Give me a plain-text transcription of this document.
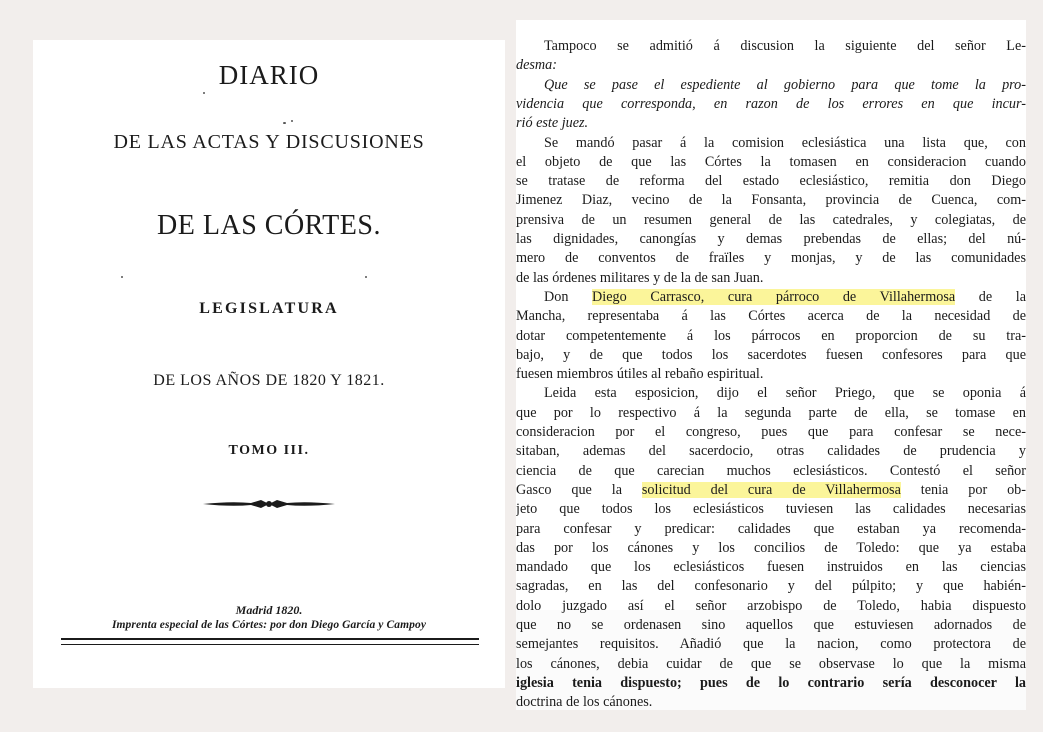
DIARIO
DE LAS ACTAS Y DISCUSIONES
DE LAS CÓRTES.
LEGISLATURA
DE LOS AÑOS DE 1820 Y 1821.
TOMO III.
Madrid 1820.
Imprenta especial de las Córtes: por don Diego García y Campoy
Tampoco se admitió á discusion la siguiente del señor Le-
desma:
Que se pase el espediente al gobierno para que tome la pro-
videncia que corresponda, en razon de los errores en que incur-
rió este juez.
Se mandó pasar á la comision eclesiástica una lista que, con
el objeto de que las Córtes la tomasen en consideracion cuando
se tratase de reforma del estado eclesiástico, remitia don Diego
Jimenez Diaz, vecino de la Fonsanta, provincia de Cuenca, com-
prensiva de un resumen general de las catedrales, y colegiatas, de
las dignidades, canongías y demas prebendas de ellas; del nú-
mero de conventos de fraïles y monjas, y de las comunidades
de las órdenes militares y de la de san Juan.
Don Diego Carrasco, cura párroco de Villahermosa de la
Mancha, representaba á las Córtes acerca de la necesidad de
dotar competentemente á los párrocos en proporcion de su tra-
bajo, y de que todos los sacerdotes fuesen confesores para que
fuesen miembros útiles al rebaño espiritual.
Leida esta esposicion, dijo el señor Priego, que se oponia á
que por lo respectivo á la segunda parte de ella, se tomase en
consideracion por el congreso, pues que para confesar se nece-
sitaban, ademas del sacerdocio, otras calidades de prudencia y
ciencia de que carecian muchos eclesiásticos. Contestó el señor
Gasco que la solicitud del cura de Villahermosa tenia por ob-
jeto que todos los eclesiásticos tuviesen las calidades necesarias
para confesar y predicar: calidades que estaban ya recomenda-
das por los cánones y los concilios de Toledo: que ya estaba
mandado que los eclesiásticos fuesen instruidos en las ciencias
sagradas, en las del confesonario y del púlpito; y que habién-
dolo juzgado así el señor arzobispo de Toledo, habia dispuesto
que no se ordenasen sino aquellos que estuviesen adornados de
semejantes requisitos. Añadió que la nacion, como protectora de
los cánones, debia cuidar de que se observase lo que la misma
iglesia tenia dispuesto; pues de lo contrario sería desconocer la
doctrina de los cánones.
